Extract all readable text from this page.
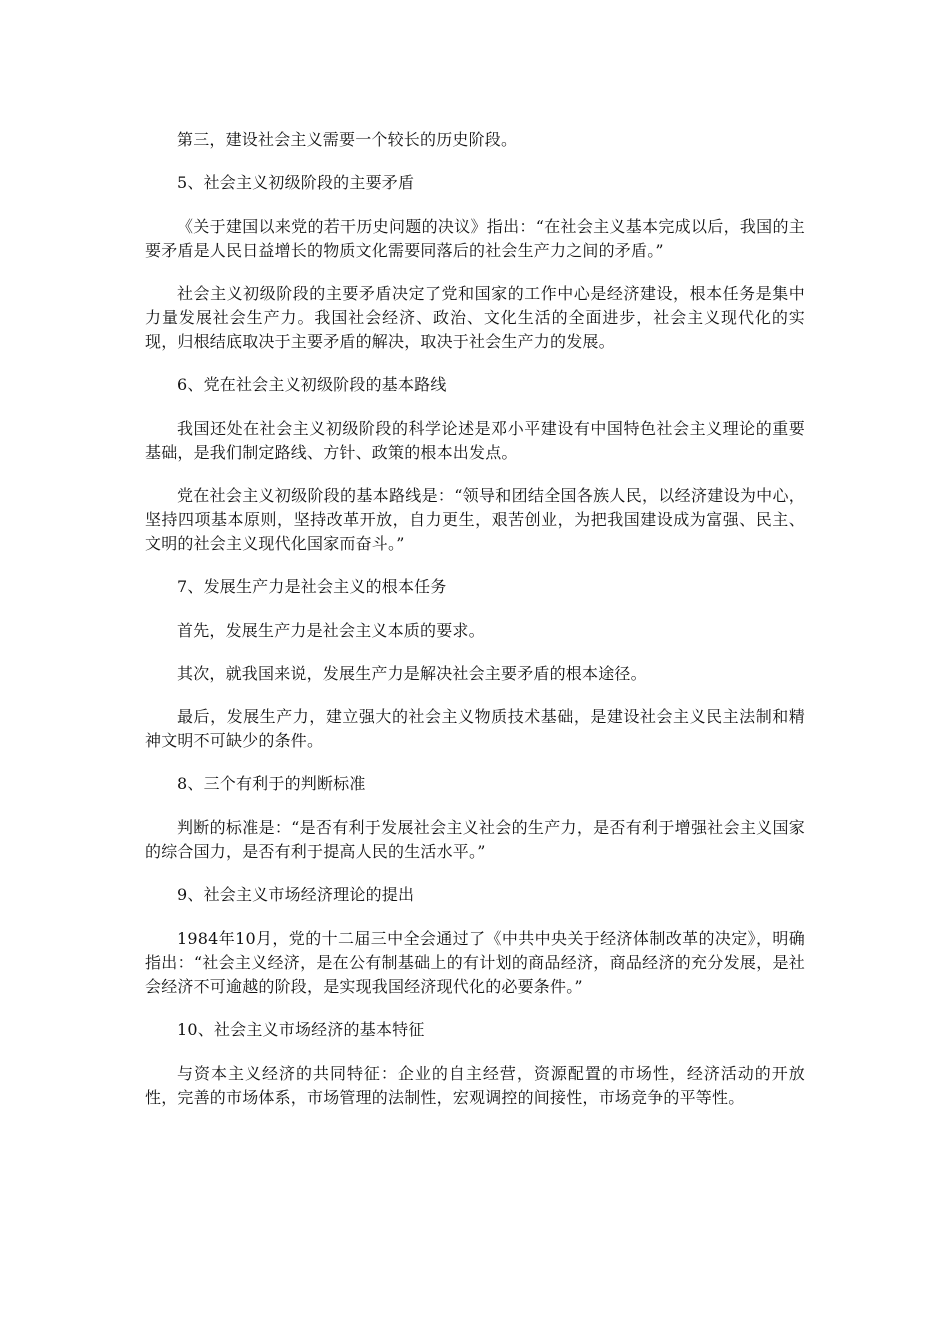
第三，建设社会主义需要一个较长的历史阶段。

5、社会主义初级阶段的主要矛盾

《关于建国以来党的若干历史问题的决议》指出：“在社会主义基本完成以后，我国的主要矛盾是人民日益增长的物质文化需要同落后的社会生产力之间的矛盾。”

社会主义初级阶段的主要矛盾决定了党和国家的工作中心是经济建设，根本任务是集中力量发展社会生产力。我国社会经济、政治、文化生活的全面进步，社会主义现代化的实现，归根结底取决于主要矛盾的解决，取决于社会生产力的发展。

6、党在社会主义初级阶段的基本路线

我国还处在社会主义初级阶段的科学论述是邓小平建设有中国特色社会主义理论的重要基础，是我们制定路线、方针、政策的根本出发点。

党在社会主义初级阶段的基本路线是：“领导和团结全国各族人民，以经济建设为中心，坚持四项基本原则，坚持改革开放，自力更生，艰苦创业，为把我国建设成为富强、民主、文明的社会主义现代化国家而奋斗。”

7、发展生产力是社会主义的根本任务

首先，发展生产力是社会主义本质的要求。

其次，就我国来说，发展生产力是解决社会主要矛盾的根本途径。

最后，发展生产力，建立强大的社会主义物质技术基础，是建设社会主义民主法制和精神文明不可缺少的条件。

8、三个有利于的判断标准

判断的标准是：“是否有利于发展社会主义社会的生产力，是否有利于增强社会主义国家的综合国力，是否有利于提高人民的生活水平。”

9、社会主义市场经济理论的提出

1984年10月，党的十二届三中全会通过了《中共中央关于经济体制改革的决定》，明确指出：“社会主义经济，是在公有制基础上的有计划的商品经济，商品经济的充分发展，是社会经济不可逾越的阶段，是实现我国经济现代化的必要条件。”

10、社会主义市场经济的基本特征

与资本主义经济的共同特征：企业的自主经营，资源配置的市场性，经济活动的开放性，完善的市场体系，市场管理的法制性，宏观调控的间接性，市场竞争的平等性。
